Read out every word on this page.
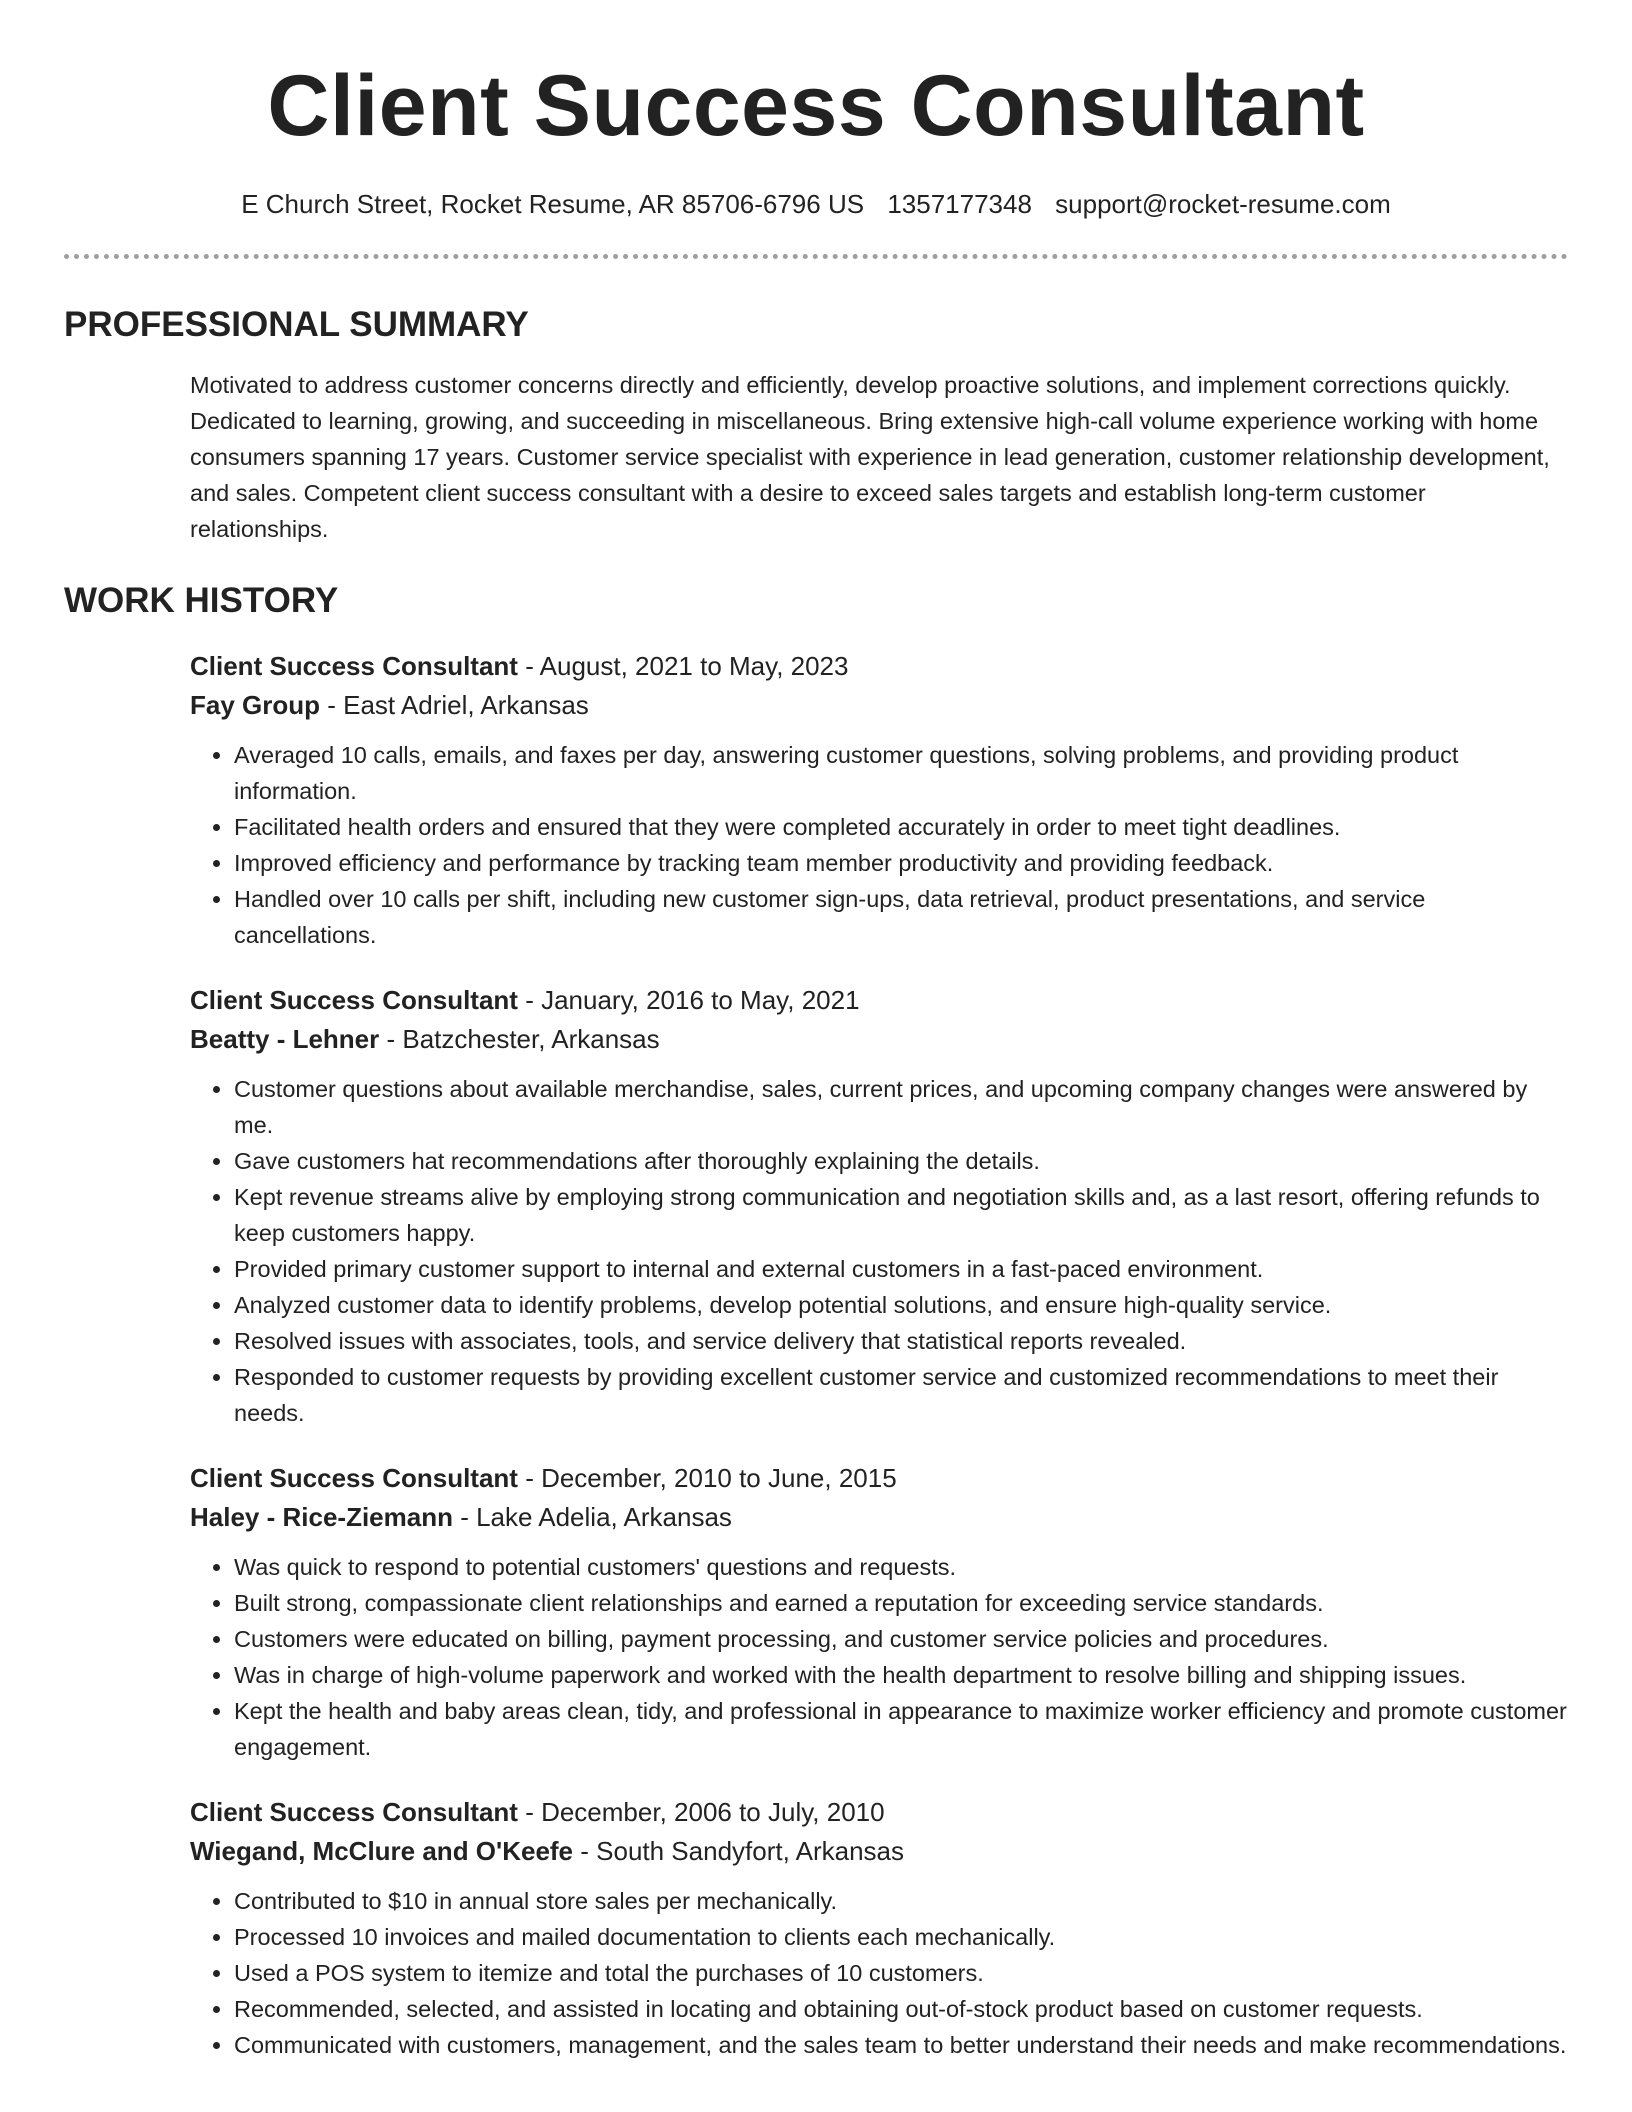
Client Success Consultant
E Church Street, Rocket Resume, AR 85706-6796 US 1357177348 support@rocket-resume.com
PROFESSIONAL SUMMARY
Motivated to address customer concerns directly and efficiently, develop proactive solutions, and implement corrections quickly. Dedicated to learning, growing, and succeeding in miscellaneous. Bring extensive high-call volume experience working with home consumers spanning 17 years. Customer service specialist with experience in lead generation, customer relationship development, and sales. Competent client success consultant with a desire to exceed sales targets and establish long-term customer relationships.
WORK HISTORY
Client Success Consultant - August, 2021 to May, 2023
Fay Group - East Adriel, Arkansas
• Averaged 10 calls, emails, and faxes per day, answering customer questions, solving problems, and providing product information.
• Facilitated health orders and ensured that they were completed accurately in order to meet tight deadlines.
• Improved efficiency and performance by tracking team member productivity and providing feedback.
• Handled over 10 calls per shift, including new customer sign-ups, data retrieval, product presentations, and service cancellations.
Client Success Consultant - January, 2016 to May, 2021
Beatty - Lehner - Batzchester, Arkansas
• Customer questions about available merchandise, sales, current prices, and upcoming company changes were answered by me.
• Gave customers hat recommendations after thoroughly explaining the details.
• Kept revenue streams alive by employing strong communication and negotiation skills and, as a last resort, offering refunds to keep customers happy.
• Provided primary customer support to internal and external customers in a fast-paced environment.
• Analyzed customer data to identify problems, develop potential solutions, and ensure high-quality service.
• Resolved issues with associates, tools, and service delivery that statistical reports revealed.
• Responded to customer requests by providing excellent customer service and customized recommendations to meet their needs.
Client Success Consultant - December, 2010 to June, 2015
Haley - Rice-Ziemann - Lake Adelia, Arkansas
• Was quick to respond to potential customers' questions and requests.
• Built strong, compassionate client relationships and earned a reputation for exceeding service standards.
• Customers were educated on billing, payment processing, and customer service policies and procedures.
• Was in charge of high-volume paperwork and worked with the health department to resolve billing and shipping issues.
• Kept the health and baby areas clean, tidy, and professional in appearance to maximize worker efficiency and promote customer engagement.
Client Success Consultant - December, 2006 to July, 2010
Wiegand, McClure and O'Keefe - South Sandyfort, Arkansas
• Contributed to $10 in annual store sales per mechanically.
• Processed 10 invoices and mailed documentation to clients each mechanically.
• Used a POS system to itemize and total the purchases of 10 customers.
• Recommended, selected, and assisted in locating and obtaining out-of-stock product based on customer requests.
• Communicated with customers, management, and the sales team to better understand their needs and make recommendations.
